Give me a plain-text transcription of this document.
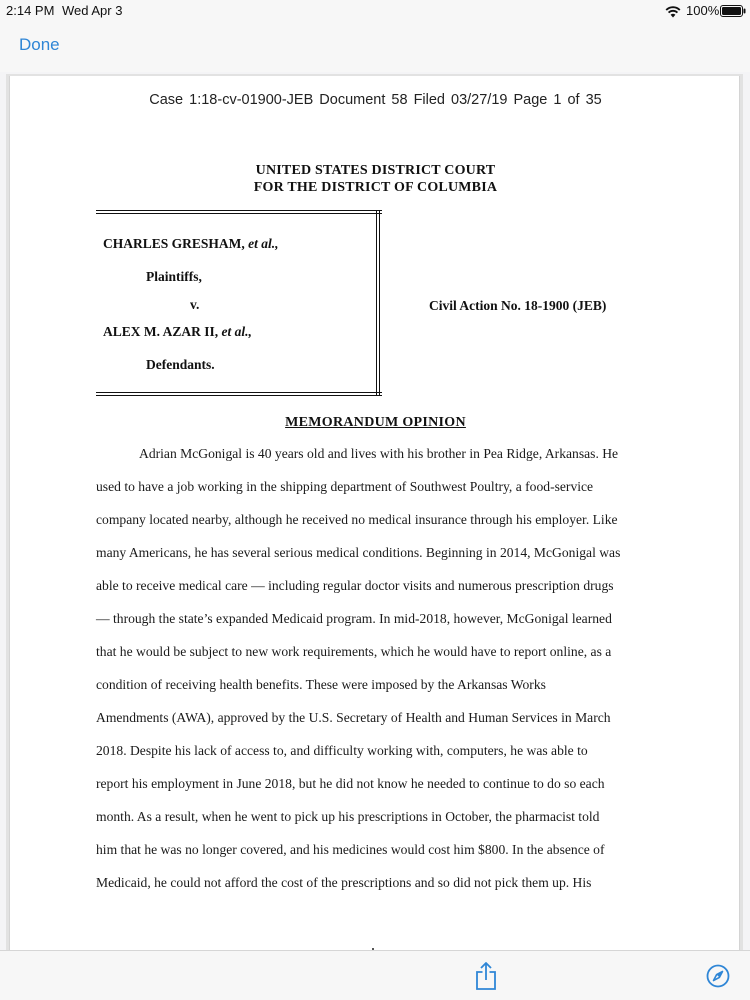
2:14 PM Wed Apr 3	100%
Done
Case 1:18-cv-01900-JEB Document 58 Filed 03/27/19 Page 1 of 35
UNITED STATES DISTRICT COURT
FOR THE DISTRICT OF COLUMBIA
CHARLES GRESHAM, et al.,
Plaintiffs,
v.
ALEX M. AZAR II, et al.,
Defendants.
Civil Action No. 18-1900 (JEB)
MEMORANDUM OPINION
Adrian McGonigal is 40 years old and lives with his brother in Pea Ridge, Arkansas. He
used to have a job working in the shipping department of Southwest Poultry, a food-service
company located nearby, although he received no medical insurance through his employer. Like
many Americans, he has several serious medical conditions. Beginning in 2014, McGonigal was
able to receive medical care — including regular doctor visits and numerous prescription drugs
— through the state’s expanded Medicaid program. In mid-2018, however, McGonigal learned
that he would be subject to new work requirements, which he would have to report online, as a
condition of receiving health benefits. These were imposed by the Arkansas Works
Amendments (AWA), approved by the U.S. Secretary of Health and Human Services in March
2018. Despite his lack of access to, and difficulty working with, computers, he was able to
report his employment in June 2018, but he did not know he needed to continue to do so each
month. As a result, when he went to pick up his prescriptions in October, the pharmacist told
him that he was no longer covered, and his medicines would cost him $800. In the absence of
Medicaid, he could not afford the cost of the prescriptions and so did not pick them up. His
